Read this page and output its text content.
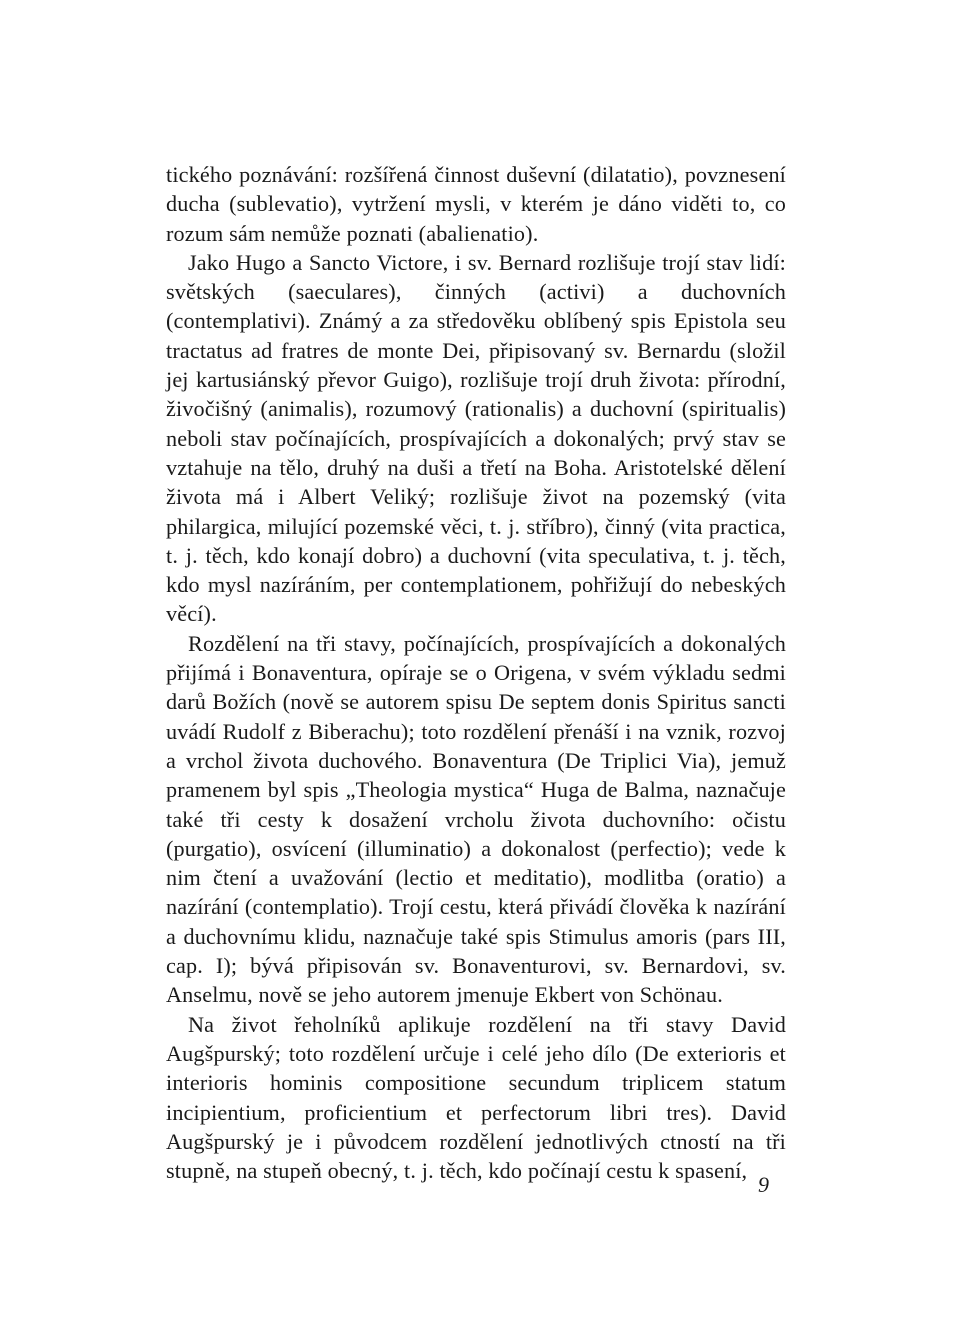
tického poznávání: rozšířená činnost duševní (dilatatio), povznesení ducha (sublevatio), vytržení mysli, v kterém je dáno viděti to, co rozum sám nemůže poznati (abalienatio).

Jako Hugo a Sancto Victore, i sv. Bernard rozlišuje trojí stav lidí: světských (saeculares), činných (activi) a duchovních (contemplativi). Známý a za středověku oblíbený spis Epistola seu tractatus ad fratres de monte Dei, připisovaný sv. Bernardu (složil jej kartusiánský převor Guigo), rozlišuje trojí druh života: přírodní, živočišný (animalis), rozumový (rationalis) a duchovní (spiritualis) neboli stav počínajících, prospívajících a dokonalých; prvý stav se vztahuje na tělo, druhý na duši a třetí na Boha. Aristotelské dělení života má i Albert Veliký; rozlišuje život na pozemský (vita philargica, milující pozemské věci, t. j. stříbro), činný (vita practica, t. j. těch, kdo konají dobro) a duchovní (vita speculativa, t. j. těch, kdo mysl nazíráním, per contemplationem, pohřižují do nebeských věcí).

Rozdělení na tři stavy, počínajících, prospívajících a dokonalých přijímá i Bonaventura, opíraje se o Origena, v svém výkladu sedmi darů Božích (nově se autorem spisu De septem donis Spiritus sancti uvádí Rudolf z Biberachu); toto rozdělení přenáší i na vznik, rozvoj a vrchol života duchového. Bonaventura (De Triplici Via), jemuž pramenem byl spis „Theologia mystica“ Huga de Balma, naznačuje také tři cesty k dosažení vrcholu života duchovního: očistu (purgatio), osvícení (illuminatio) a dokonalost (perfectio); vede k nim čtení a uvažování (lectio et meditatio), modlitba (oratio) a nazírání (contemplatio). Trojí cestu, která přivádí člověka k nazírání a duchovnímu klidu, naznačuje také spis Stimulus amoris (pars III, cap. I); bývá připisován sv. Bonaventurovi, sv. Bernardovi, sv. Anselmu, nově se jeho autorem jmenuje Ekbert von Schönau.

Na život řeholníků aplikuje rozdělení na tři stavy David Augšpurský; toto rozdělení určuje i celé jeho dílo (De exterioris et interioris hominis compositione secundum triplicem statum incipientium, proficientium et perfectorum libri tres). David Augšpurský je i původcem rozdělení jednotlivých ctností na tři stupně, na stupeň obecný, t. j. těch, kdo počínají cestu k spasení,

9
